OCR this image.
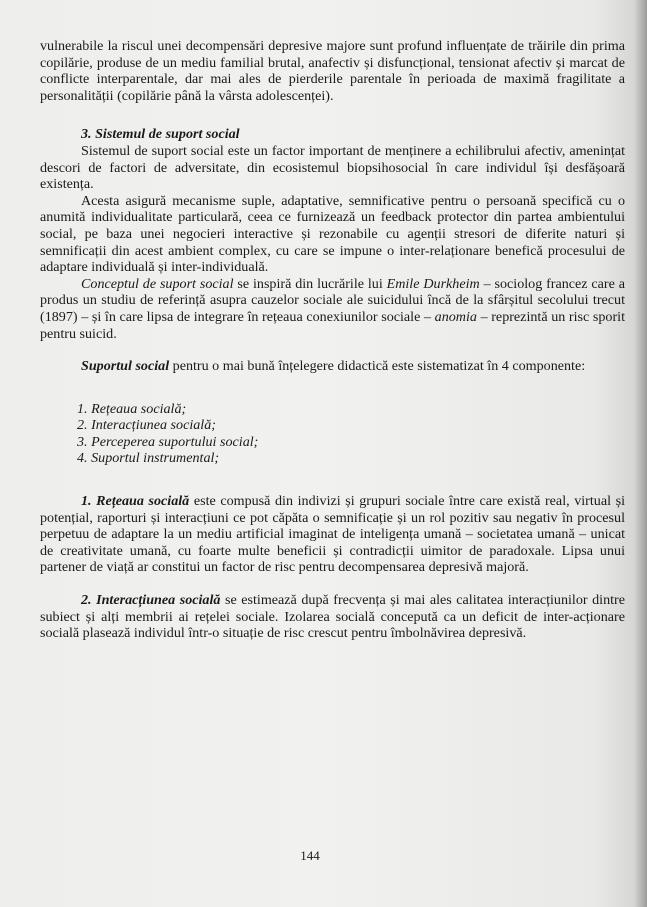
vulnerabile la riscul unei decompensări depresive majore sunt profund influențate de trăirile din prima copilărie, produse de un mediu familial brutal, anafectiv și disfuncțional, tensionat afectiv și marcat de conflicte interparentale, dar mai ales de pierderile parentale în perioada de maximă fragilitate a personalității (copilărie până la vârsta adolescenței).

3. Sistemul de suport social

Sistemul de suport social este un factor important de menținere a echilibrului afectiv, amenințat descori de factori de adversitate, din ecosistemul biopsihosocial în care individul își desfășoară existența.

Acesta asigură mecanisme suple, adaptative, semnificative pentru o persoană specifică cu o anumită individualitate particulară, ceea ce furnizează un feedback protector din partea ambientului social, pe baza unei negocieri interactive și rezonabile cu agenții stresori de diferite naturi și semnificații din acest ambient complex, cu care se impune o inter-relaționare benefică procesului de adaptare individuală și inter-individuală.

Conceptul de suport social se inspiră din lucrările lui Emile Durkheim – sociolog francez care a produs un studiu de referință asupra cauzelor sociale ale suicidului încă de la sfârșitul secolului trecut (1897) – și în care lipsa de integrare în rețeaua conexiunilor sociale – anomia – reprezintă un risc sporit pentru suicid.

Suportul social pentru o mai bună înțelegere didactică este sistematizat în 4 componente:

1. Rețeaua socială;
2. Interacțiunea socială;
3. Perceperea suportului social;
4. Suportul instrumental;

1. Rețeaua socială este compusă din indivizi și grupuri sociale între care există real, virtual și potențial, raporturi și interacțiuni ce pot căpăta o semnificație și un rol pozitiv sau negativ în procesul perpetuu de adaptare la un mediu artificial imaginat de inteligența umană – societatea umană – unicat de creativitate umană, cu foarte multe beneficii și contradicții uimitor de paradoxale. Lipsa unui partener de viață ar constitui un factor de risc pentru decompensarea depresivă majoră.

2. Interacțiunea socială se estimează după frecvența și mai ales calitatea interacțiunilor dintre subiect și alți membrii ai rețelei sociale. Izolarea socială concepută ca un deficit de inter-acționare socială plasează individul într-o situație de risc crescut pentru îmbolnăvirea depresivă.

144
